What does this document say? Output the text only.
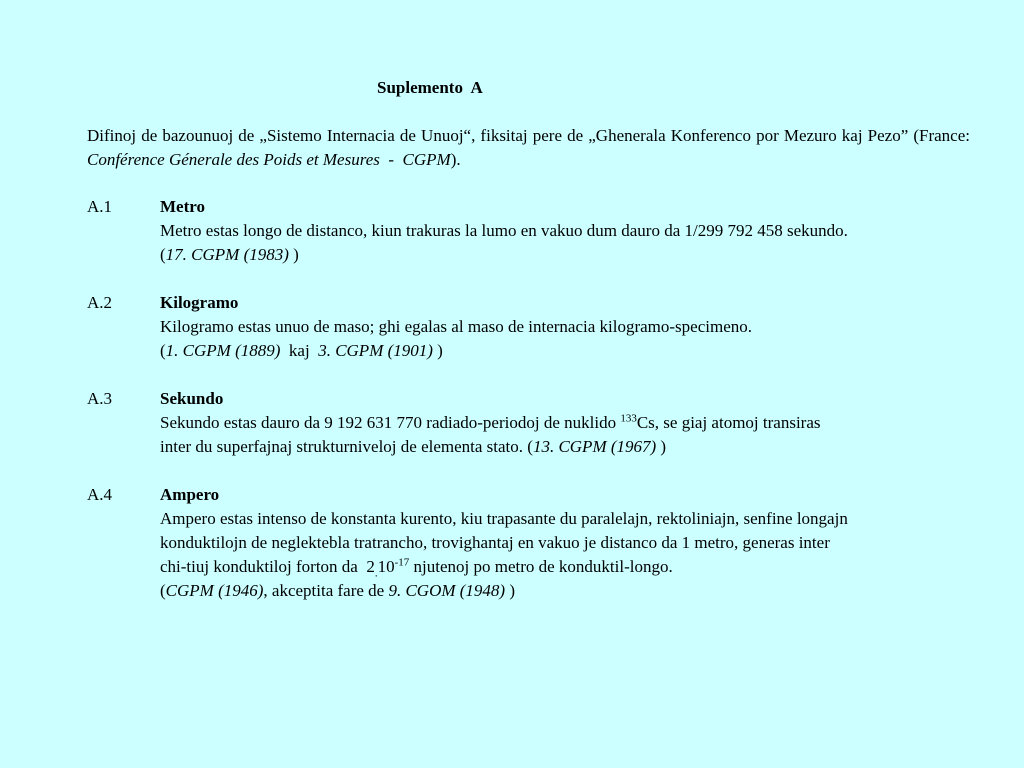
Suplemento  A

Difinoj de bazounuoj de „Sistemo Internacia de Unuoj“, fiksitaj pere de „Ghenerala Konferenco por Mezuro kaj Pezo” (France: Conférence Génerale des Poids et Mesures  -  CGPM).

A.1	Metro
Metro estas longo de distanco, kiun trakuras la lumo en vakuo dum dauro da 1/299 792 458 sekundo.
(17. CGPM (1983) )
A.2	Kilogramo
Kilogramo estas unuo de maso; ghi egalas al maso de internacia kilogramo-specimeno.
(1. CGPM (1889)  kaj  3. CGPM (1901) )
A.3	Sekundo
Sekundo estas dauro da 9 192 631 770 radiado-periodoj de nuklido $^{133}$Cs, se giaj atomoj transiras
inter du superfajnaj strukturniveloj de elementa stato. (13. CGPM (1967) )
A.4	Ampero
Ampero estas intenso de konstanta kurento, kiu trapasante du paralelajn, rektoliniajn, senfine longajn
konduktilojn de neglektebla tratrancho, trovighantaj en vakuo je distanco da 1 metro, generas inter
chi-tiuj konduktiloj forton da  $2_.10^{-17}$ njutenoj po metro de konduktil-longo.
(CGPM (1946), akceptita fare de 9. CGOM (1948) )
